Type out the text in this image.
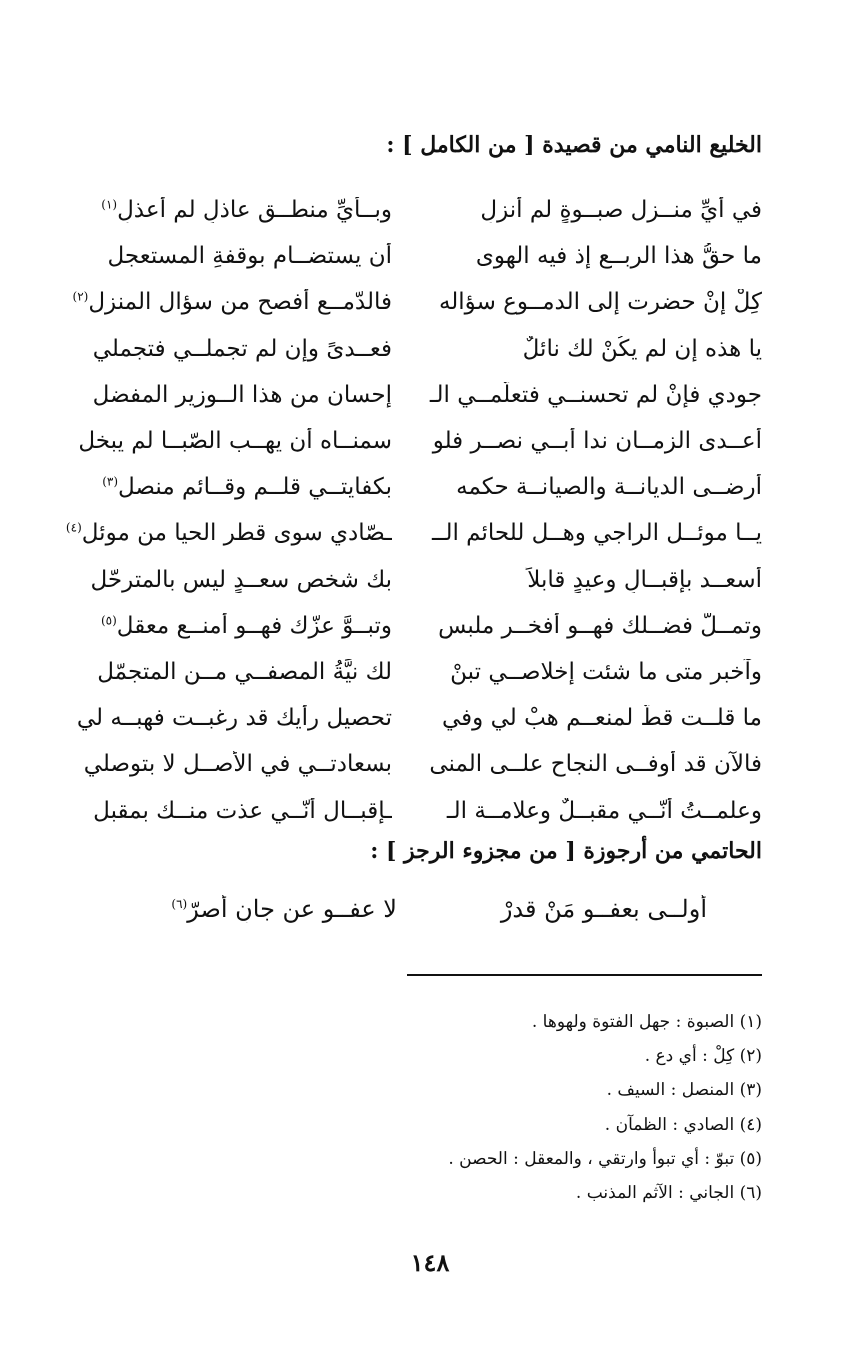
الخليع النامي من قصيدة [ من الكامل ] :
في أيِّ منــزل صبــوةٍ لم أنزلِ
وبــأيِّ منطــق عاذلٍ لم أعذلِ$^{(١)}$
ما حقُّ هذا الربــع إذ فيه الهوى
أن يستضــام بوقفةِ المستعجل
كِلْ إنْ حضرت إلى الدمــوع سؤاله
فالدّمــع أفصح من سؤال المنزل$^{(٢)}$
يا هذه إن لم يكُنْ لك نائلٌ
فعــدىً وإن لم تجملــي فتجملي
جودي فإنْ لم تحسنــي فتعلّمــي الـ
إحسان من هذا الــوزير المفضل
أعــدى الزمــان ندا أبــي نصــر فلو
سمنــاه أن يهــب الصّبــا لم يبخل
أرضــى الديانــة والصيانــة حكمه
بكفايتــي قلــمٍ وقــائم منصل$^{(٣)}$
يــا موئــل الراجي وهــل للحائم الــ
ـصّادي سوى قطر الحيا من موئل$^{(٤)}$
أسعــد بإقبــالٍ وعيدٍ قابلاً
بك شخص سعــدٍ ليس بالمترحّل
وتمــلَّ فضــلك فهــو أفخــر ملبسٍ
وتبــوَّ عزّك فهــو أمنــع معقل$^{(٥)}$
وآخبر متى ما شئت إخلاصــي تبنْ
لك نيَّةُ المصفــي مــن المتجمّل
ما قلــت قطّ لمنعــمٍ هبْ لي وفي
تحصيل رأيك قد رغبــت فهبــه لي
فالآن قد أوفــى النجاح علــى المنى
بسعادتــي في الأصــل لا بتوصلي
وعلمــتُ أنّــي مقبــلٌ وعلامــة الـ
ـإقبــال أنّــي عذت منــك بمقبل
الحاتمي من أرجوزة [ من مجزوء الرجز ] :
أولــى بعفــوٍ مَنْ قدرْ
لا عفــو عن جانٍ أصرّ$^{(٦)}$
(١) الصبوة : جهل الفتوة ولهوها .
(٢) كِلْ : أي دع .
(٣) المنصل : السيف .
(٤) الصادي : الظمآن .
(٥) تبوّ : أي تبوأ وارتقي ، والمعقل : الحصن .
(٦) الجاني : الآثم المذنب .
١٤٨
